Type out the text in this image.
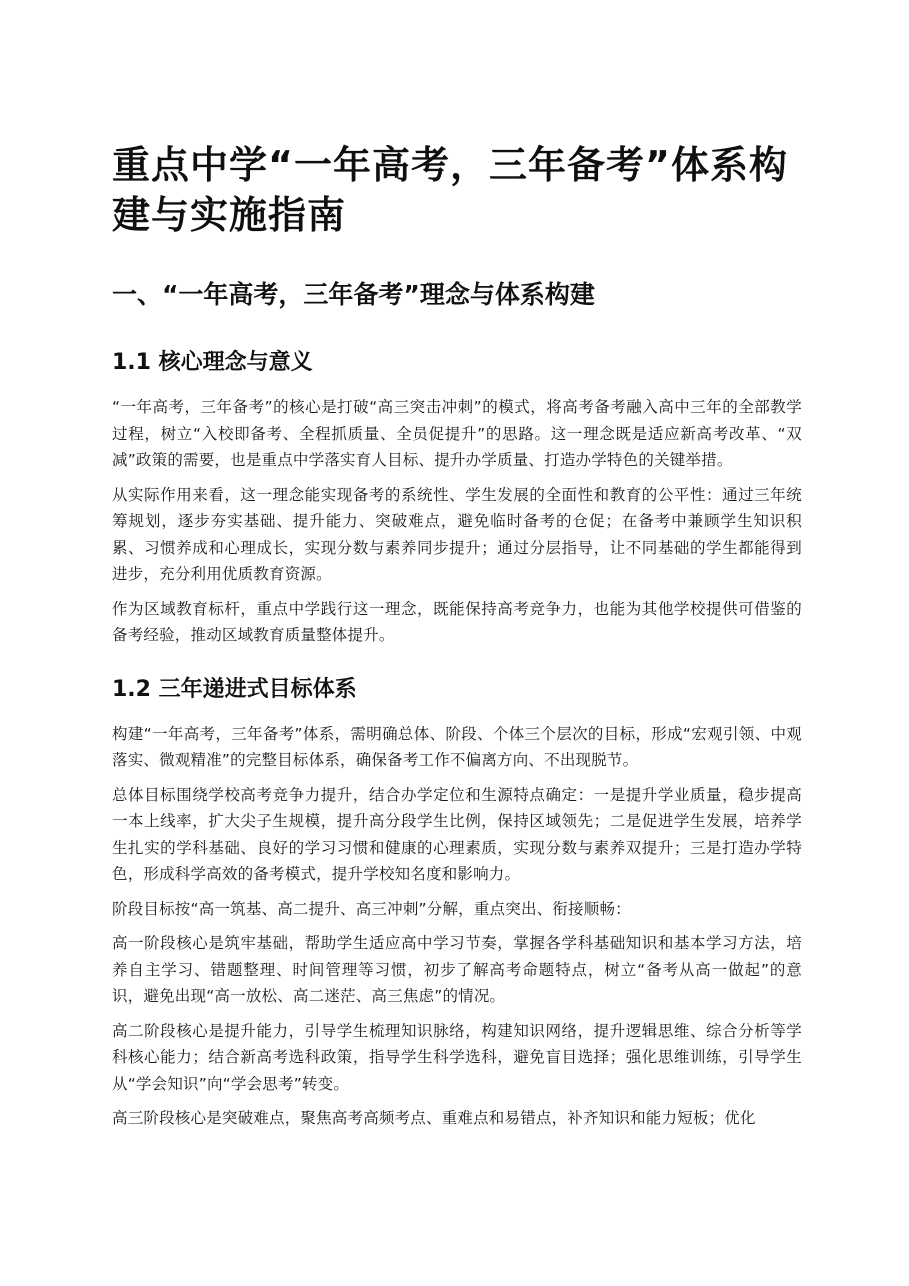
重点中学“一年高考，三年备考”体系构建与实施指南
一、“一年高考，三年备考”理念与体系构建
1.1 核心理念与意义

“一年高考，三年备考”的核心是打破“高三突击冲刺”的模式，将高考备考融入高中三年的全部教学过程，树立“入校即备考、全程抓质量、全员促提升”的思路。这一理念既是适应新高考改革、“双减”政策的需要，也是重点中学落实育人目标、提升办学质量、打造办学特色的关键举措。

从实际作用来看，这一理念能实现备考的系统性、学生发展的全面性和教育的公平性：通过三年统筹规划，逐步夯实基础、提升能力、突破难点，避免临时备考的仓促；在备考中兼顾学生知识积累、习惯养成和心理成长，实现分数与素养同步提升；通过分层指导，让不同基础的学生都能得到进步，充分利用优质教育资源。

作为区域教育标杆，重点中学践行这一理念，既能保持高考竞争力，也能为其他学校提供可借鉴的备考经验，推动区域教育质量整体提升。

1.2 三年递进式目标体系

构建“一年高考，三年备考”体系，需明确总体、阶段、个体三个层次的目标，形成“宏观引领、中观落实、微观精准”的完整目标体系，确保备考工作不偏离方向、不出现脱节。

总体目标围绕学校高考竞争力提升，结合办学定位和生源特点确定：一是提升学业质量，稳步提高一本上线率，扩大尖子生规模，提升高分段学生比例，保持区域领先；二是促进学生发展，培养学生扎实的学科基础、良好的学习习惯和健康的心理素质，实现分数与素养双提升；三是打造办学特色，形成科学高效的备考模式，提升学校知名度和影响力。

阶段目标按“高一筑基、高二提升、高三冲刺”分解，重点突出、衔接顺畅：

高一阶段核心是筑牢基础，帮助学生适应高中学习节奏，掌握各学科基础知识和基本学习方法，培养自主学习、错题整理、时间管理等习惯，初步了解高考命题特点，树立“备考从高一做起”的意识，避免出现“高一放松、高二迷茫、高三焦虑”的情况。

高二阶段核心是提升能力，引导学生梳理知识脉络，构建知识网络，提升逻辑思维、综合分析等学科核心能力；结合新高考选科政策，指导学生科学选科，避免盲目选择；强化思维训练，引导学生从“学会知识”向“学会思考”转变。

高三阶段核心是突破难点，聚焦高考高频考点、重难点和易错点，补齐知识和能力短板；优化
